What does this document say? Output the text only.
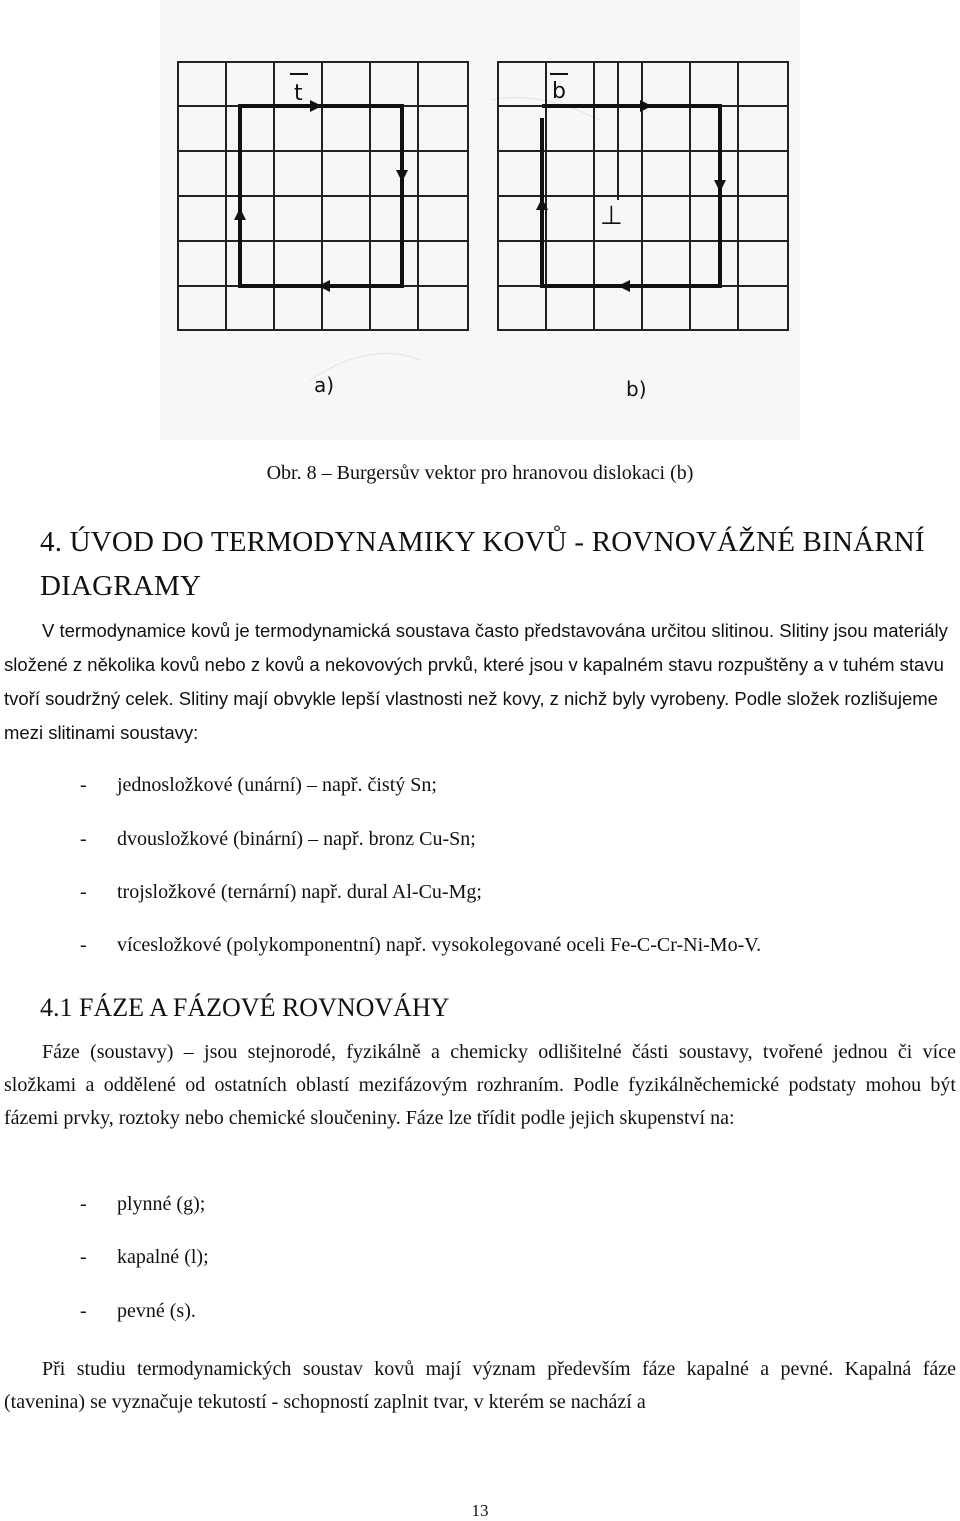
t	b
⊥
a)	b)
Obr. 8 – Burgersův vektor pro hranovou dislokaci (b)
4. ÚVOD DO TERMODYNAMIKY KOVŮ - ROVNOVÁŽNÉ BINÁRNÍ DIAGRAMY
V termodynamice kovů je termodynamická soustava často představována určitou slitinou. Slitiny jsou materiály složené z několika kovů nebo z kovů a nekovových prvků, které jsou v kapalném stavu rozpuštěny a v tuhém stavu tvoří soudržný celek. Slitiny mají obvykle lepší vlastnosti než kovy, z nichž byly vyrobeny. Podle složek rozlišujeme mezi slitinami soustavy:
- jednosložkové (unární) – např. čistý Sn;
- dvousložkové (binární) – např. bronz Cu-Sn;
- trojsložkové (ternární) např. dural Al-Cu-Mg;
- vícesložkové (polykomponentní) např. vysokolegované oceli Fe-C-Cr-Ni-Mo-V.
4.1 FÁZE A FÁZOVÉ ROVNOVÁHY
Fáze (soustavy) – jsou stejnorodé, fyzikálně a chemicky odlišitelné části soustavy, tvořené jednou či více složkami a oddělené od ostatních oblastí mezifázovým rozhraním. Podle fyzikálněchemické podstaty mohou být fázemi prvky, roztoky nebo chemické sloučeniny. Fáze lze třídit podle jejich skupenství na:
- plynné (g);
- kapalné (l);
- pevné (s).
Při studiu termodynamických soustav kovů mají význam především fáze kapalné a pevné. Kapalná fáze (tavenina) se vyznačuje tekutostí - schopností zaplnit tvar, v kterém se nachází a
13
